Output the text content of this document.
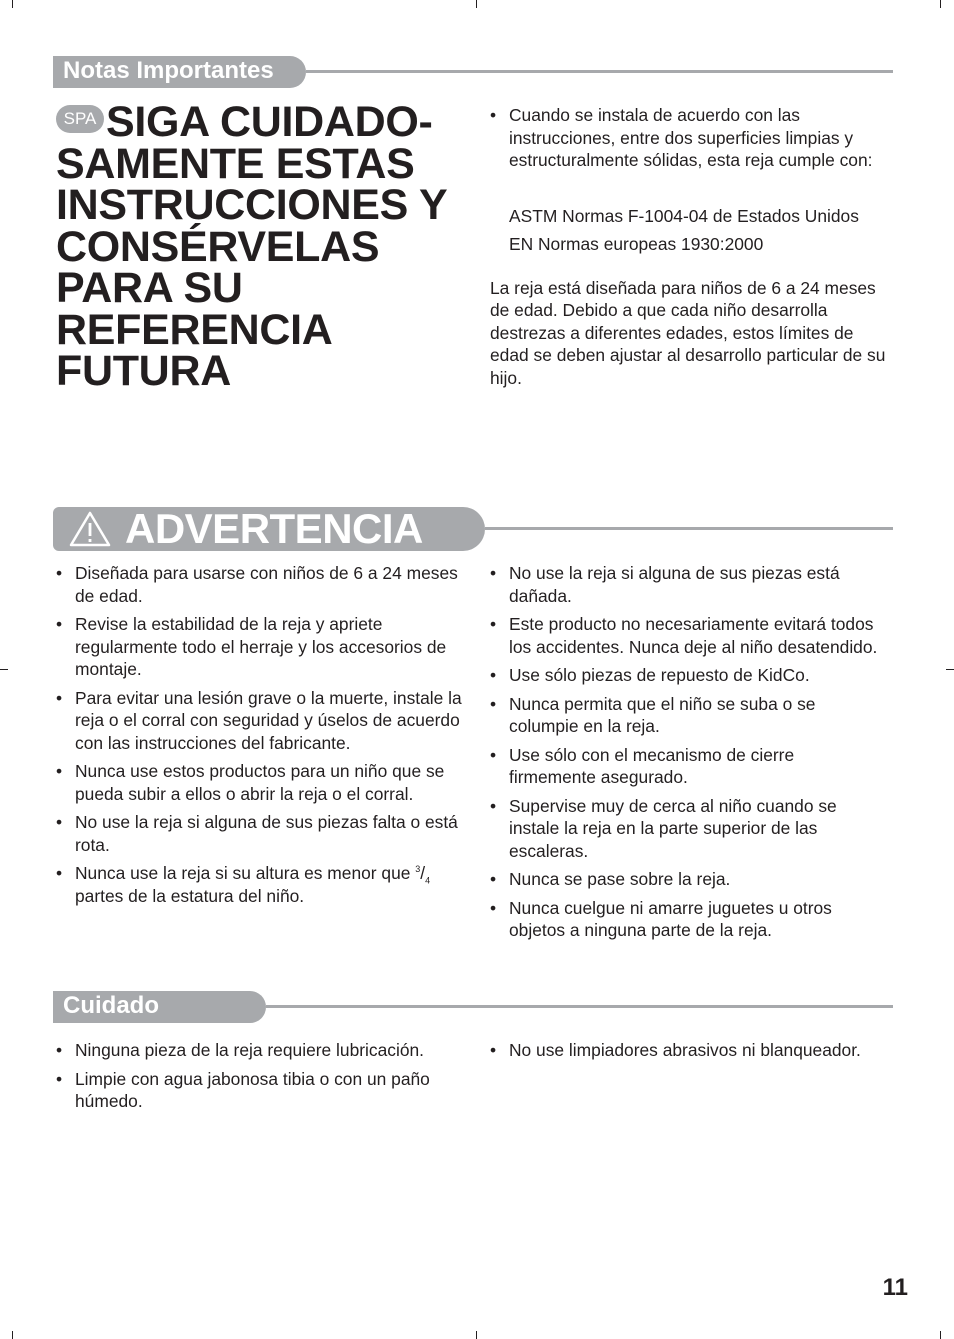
Notas Importantes
SPA SIGA CUIDADO-SAMENTE ESTAS INSTRUCCIONES Y CONSÉRVELAS PARA SU REFERENCIA FUTURA
• Cuando se instala de acuerdo con las instrucciones, entre dos superficies limpias y estructuralmente sólidas, esta reja cumple con:
ASTM Normas F-1004-04 de Estados Unidos
EN Normas europeas 1930:2000

La reja está diseñada para niños de 6 a 24 meses de edad. Debido a que cada niño desarrolla destrezas a diferentes edades, estos límites de edad se deben ajustar al desarrollo particular de su hijo.

ADVERTENCIA
• Diseñada para usarse con niños de 6 a 24 meses de edad.
• Revise la estabilidad de la reja y apriete regularmente todo el herraje y los accesorios de montaje.
• Para evitar una lesión grave o la muerte, instale la reja o el corral con seguridad y úselos de acuerdo con las instrucciones del fabricante.
• Nunca use estos productos para un niño que se pueda subir a ellos o abrir la reja o el corral.
• No use la reja si alguna de sus piezas falta o está rota.
• Nunca use la reja si su altura es menor que $^3/_4$ partes de la estatura del niño.
• No use la reja si alguna de sus piezas está dañada.
• Este producto no necesariamente evitará todos los accidentes. Nunca deje al niño desatendido.
• Use sólo piezas de repuesto de KidCo.
• Nunca permita que el niño se suba o se columpie en la reja.
• Use sólo con el mecanismo de cierre firmemente asegurado.
• Supervise muy de cerca al niño cuando se instale la reja en la parte superior de las escaleras.
• Nunca se pase sobre la reja.
• Nunca cuelgue ni amarre juguetes u otros objetos a ninguna parte de la reja.
Cuidado
• Ninguna pieza de la reja requiere lubricación.
• Limpie con agua jabonosa tibia o con un paño húmedo.
• No use limpiadores abrasivos ni blanqueador.
11
